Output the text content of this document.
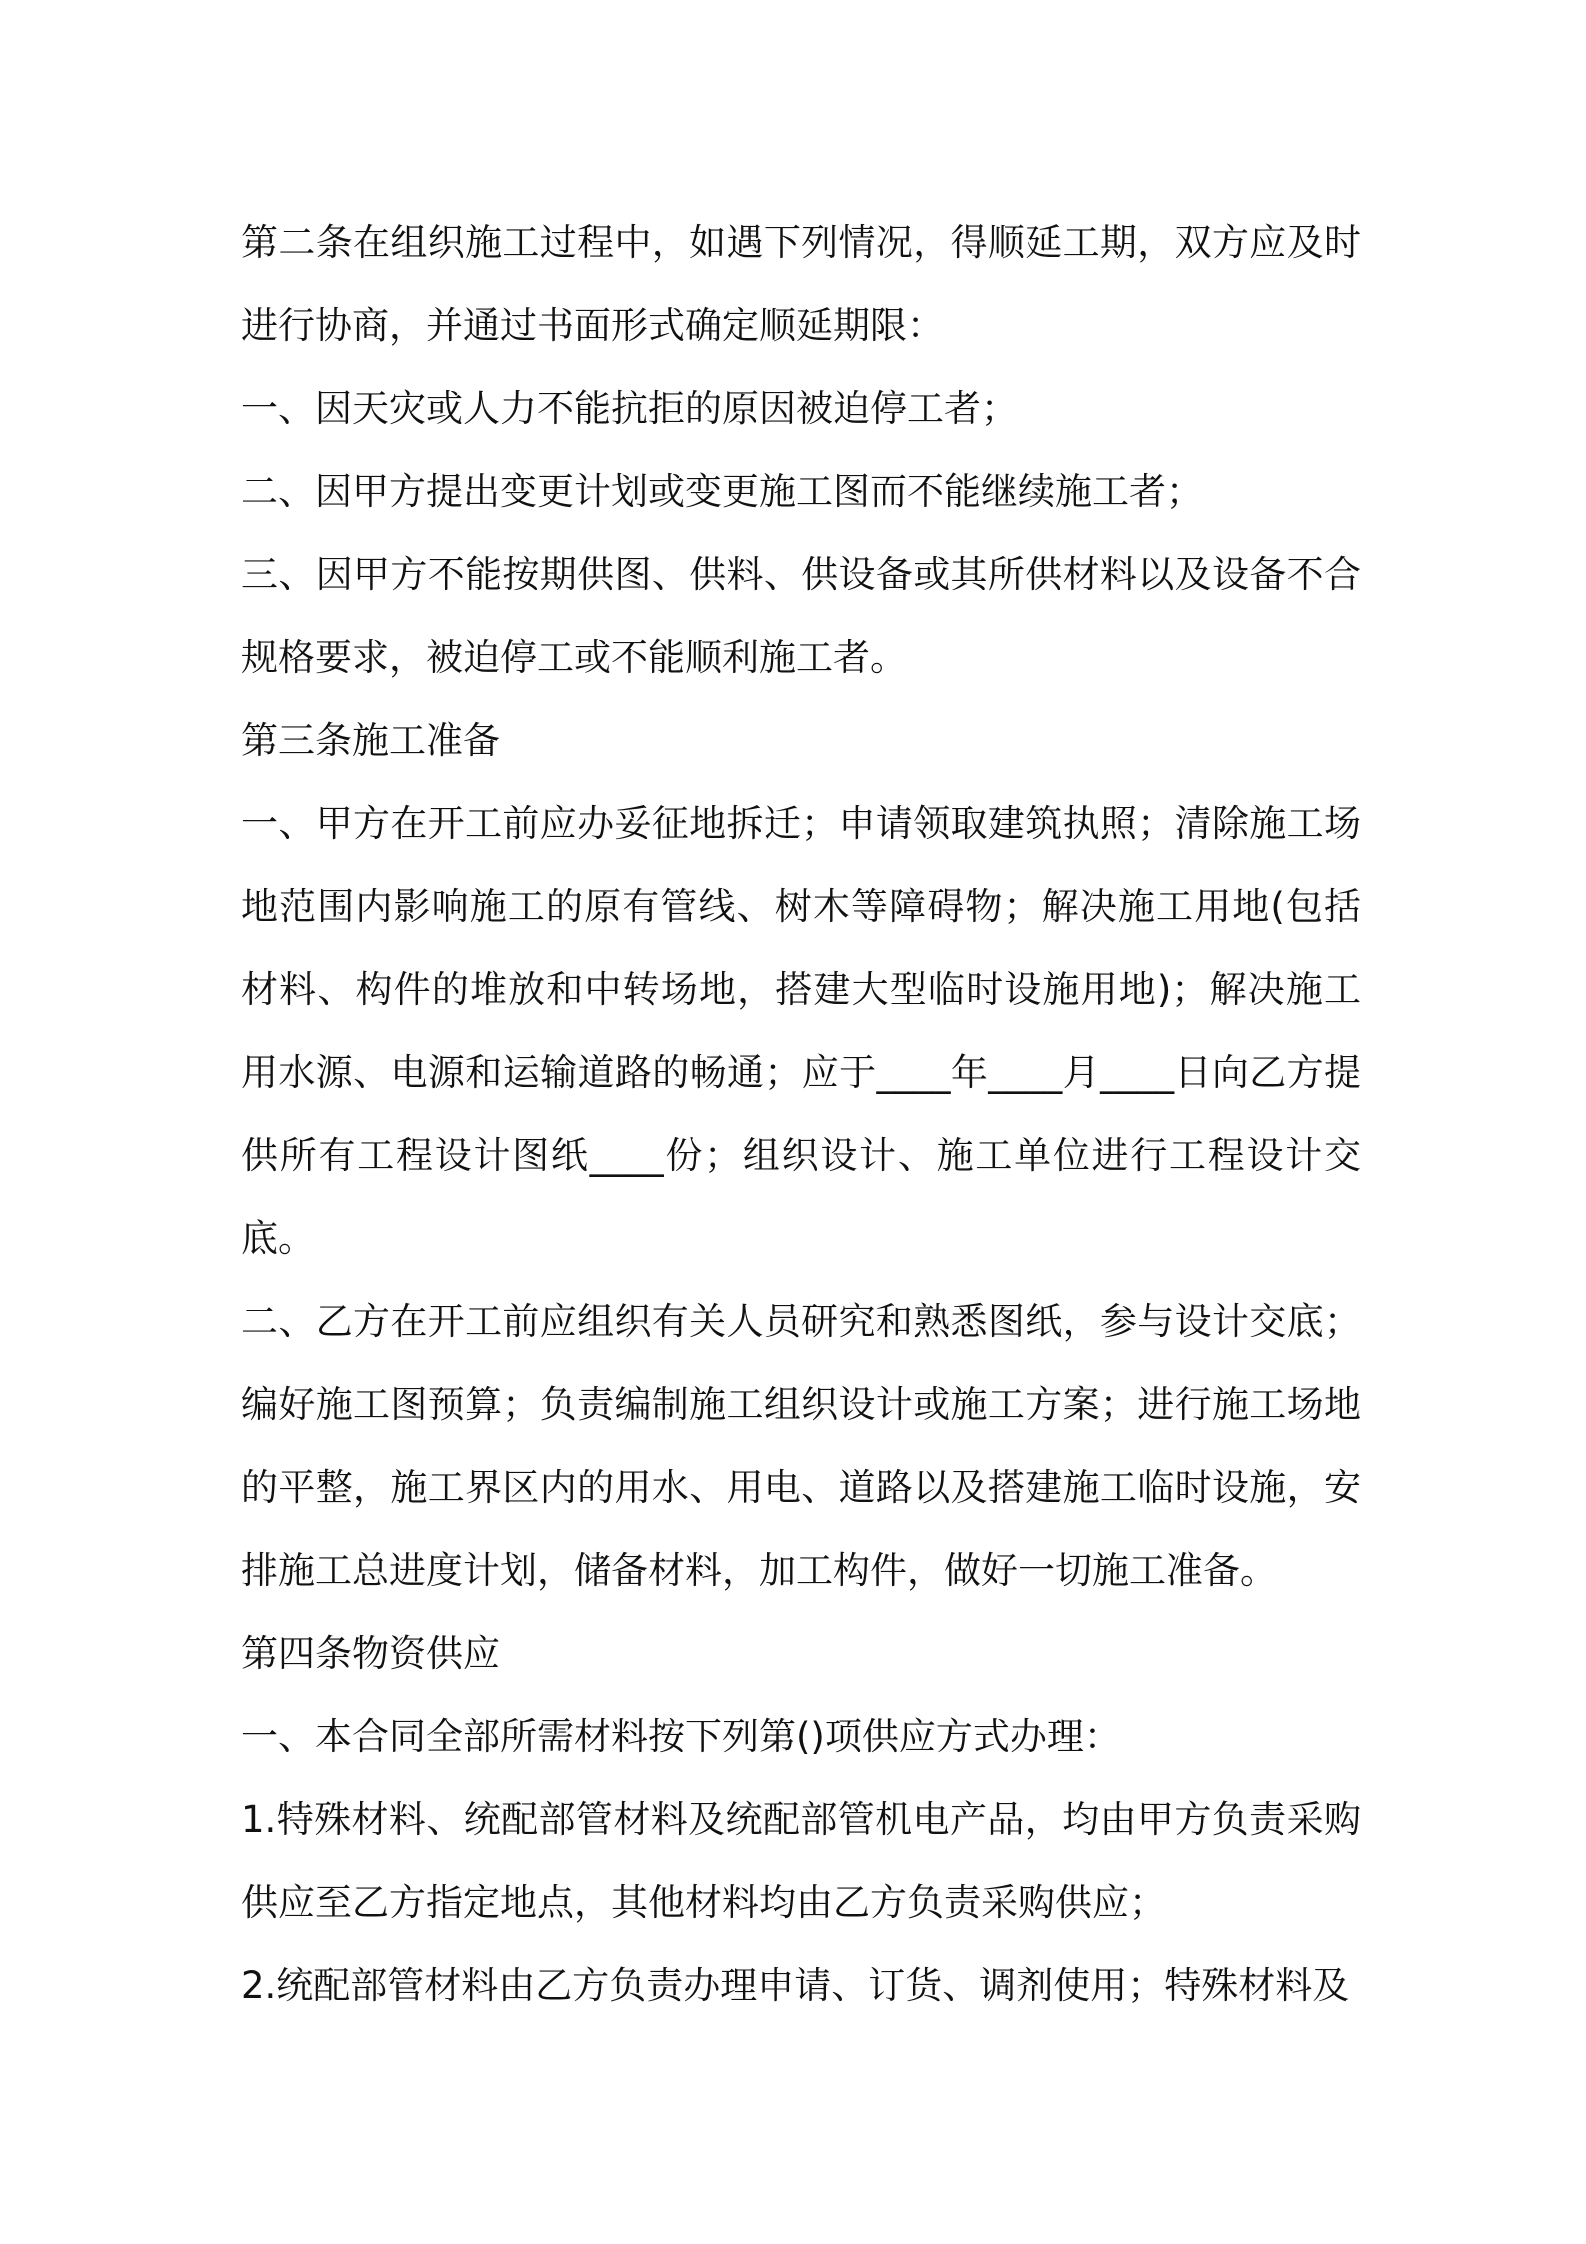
第二条在组织施工过程中，如遇下列情况，得顺延工期，双方应及时进行协商，并通过书面形式确定顺延期限：

一、因天灾或人力不能抗拒的原因被迫停工者；

二、因甲方提出变更计划或变更施工图而不能继续施工者；

三、因甲方不能按期供图、供料、供设备或其所供材料以及设备不合规格要求，被迫停工或不能顺利施工者。

第三条施工准备

一、甲方在开工前应办妥征地拆迁；申请领取建筑执照；清除施工场地范围内影响施工的原有管线、树木等障碍物；解决施工用地(包括材料、构件的堆放和中转场地，搭建大型临时设施用地)；解决施工用水源、电源和运输道路的畅通；应于____年____月____日向乙方提供所有工程设计图纸____份；组织设计、施工单位进行工程设计交底。

二、乙方在开工前应组织有关人员研究和熟悉图纸，参与设计交底；编好施工图预算；负责编制施工组织设计或施工方案；进行施工场地的平整，施工界区内的用水、用电、道路以及搭建施工临时设施，安排施工总进度计划，储备材料，加工构件，做好一切施工准备。

第四条物资供应

一、本合同全部所需材料按下列第()项供应方式办理：

1.特殊材料、统配部管材料及统配部管机电产品，均由甲方负责采购供应至乙方指定地点，其他材料均由乙方负责采购供应；

2.统配部管材料由乙方负责办理申请、订货、调剂使用；特殊材料及
